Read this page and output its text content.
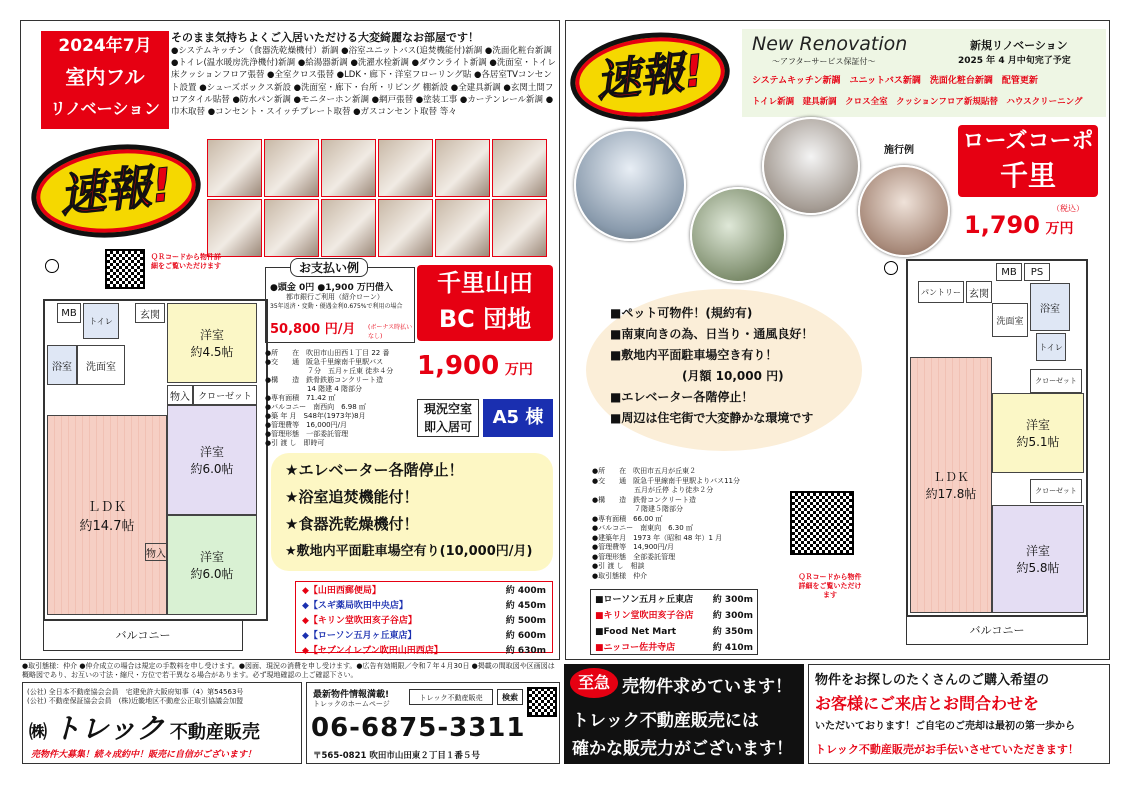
2024年7月
室内フル
リノベーション
そのまま気持ちよくご入居いただける大変綺麗なお部屋です！
●システムキッチン（食器洗乾燥機付）新調 ●浴室ユニットバス(追焚機能付)新調 ●洗面化粧台新調 ●トイレ(温水暖房洗浄機付)新調 ●給湯器新調 ●洗濯水栓新調 ●ダウンライト新調 ●洗面室・トイレ床クッションフロア張替 ●全室クロス張替 ●LDK・廊下・洋室フローリング貼 ●各居室TVコンセント設置 ●シューズボックス新設 ●洗面室・廊下・台所・リビング 棚新設 ●全建具新調 ●玄関土間フロアタイル貼替 ●防水パン新調 ●モニターホン新調 ●網戸張替 ●塗装工事 ●カーテンレール新調 ●巾木取替 ●コンセント・スイッチプレート取替 ●ガスコンセント取替 等々
速報!
ＱＲコードから物件詳細をご覧いただけます
MB
トイレ
玄関
浴室 洗面室
洋室
約4.5帖
物入 クローゼット
洋室
約6.0帖
ＬＤＫ
約14.7帖
物入	洋室
約6.0帖
バルコニー
お支払い例
●頭金 0円 ●1,900 万円借入
都市銀行ご利用（紹介ローン）
35年返済・変動・優遇金利0.675%で利用の場合
50,800 円/月 (ボーナス時払いなし)
千里山田
BC 団地
●所　　在　吹田市山田西１丁目 22 番
●交　　通　阪急千里線南千里駅バス
　　　　　　７分　五月ヶ丘東 徒歩４分
●構　　造　鉄骨鉄筋コンクリート造
　　　　　　14 階建 4 階部分
●専有面積　71.42 ㎡
●バルコニー　南西向　6.98 ㎡
●築 年 月　S48年(1973年)8月
●管理費等　16,000円/月
●管理形態　一部委託管理
●引 渡 し　即時可
1,900 万円
現況空室
即入居可	A5 棟
★エレベーター各階停止！
★浴室追焚機能付！
★食器洗乾燥機付！
★敷地内平面駐車場空有り(10,000円/月)
◆【山田西郵便局】	約 400m
◆【スギ薬局吹田中央店】	約 450m
◆【キリン堂吹田亥子谷店】	約 500m
◆【ローソン五月ヶ丘東店】	約 600m
◆【セブンイレブン吹田山田西店】	約 630m
速報!
New Renovation
～アフターサービス保証付～
新規リノベーション
2025 年 4 月中旬完了予定
システムキッチン新調　ユニットバス新調　洗面化粧台新調　配管更新
トイレ新調　建具新調　クロス全室　クッションフロア新規貼替　ハウスクリーニング
施行例 ローズコーポ
千里
（税込）
1,790 万円
■ペット可物件！(規約有)
■南東向きの為、日当り・通風良好！
■敷地内平面駐車場空き有り！
　　　　　　(月額 10,000 円)
■エレベーター各階停止！
■周辺は住宅街で大変静かな環境です
●所　　在　吹田市五月が丘東２
●交　　通　阪急千里線南千里駅よりバス11分
　　　　　　五月が丘停 より徒歩２分
●構　　造　鉄骨コンクリート造
　　　　　　７階建５階部分
●専有面積　66.00 ㎡
●バルコニー　南東向　6.30 ㎡
●建築年月　1973 年（昭和 48 年）1 月
●管理費等　14,900円/月
●管理形態　全部委託管理
●引 渡 し　相談
●取引態様　仲介	ＱＲコードから物件詳細をご覧いただけます
■ローソン五月ヶ丘東店 約 300m
■キリン堂吹田亥子谷店 約 300m
■Food Net Mart	約 350m
■ニッコー佐井寺店	約 410m
MB PS
パントリー 玄関
洗面室
浴室
トイレ
クローゼット
洋室
約5.1帖
ＬＤＫ
約17.8帖	クローゼット
洋室
約5.8帖
バルコニー
●取引態様：仲介 ●仲介成立の場合は規定の手数料を申し受けます。●図面、現況の消費を申し受けます。●広告有効期限／令和７年４月30日 ●掲載の間取図や区画図は概略図であり、お互いの寸法・縮尺・方位で若干異なる場合があります。必ず現地確認の上ご確認下さい。
(公社) 全日本不動産協会会員　宅建免許大阪府知事（4）第54563号
(公社) 不動産保証協会会員　(株)近畿地区不動産公正取引協議会加盟
㈱ トレック 不動産販売
売物件大募集！続々成約中！販売に自信がございます！
最新物件情報満載!
トレックのホームページ
トレック不動産販売	検索
06-6875-3311
〒565-0821 吹田市山田東２丁目１番５号
至急 売物件求めています！
トレック不動産販売には
確かな販売力がございます！
物件をお探しのたくさんのご購入希望の
お客様にご来店とお問合わせを
いただいております！ご自宅のご売却は最初の第一歩から
トレック不動産販売がお手伝いさせていただきます！
